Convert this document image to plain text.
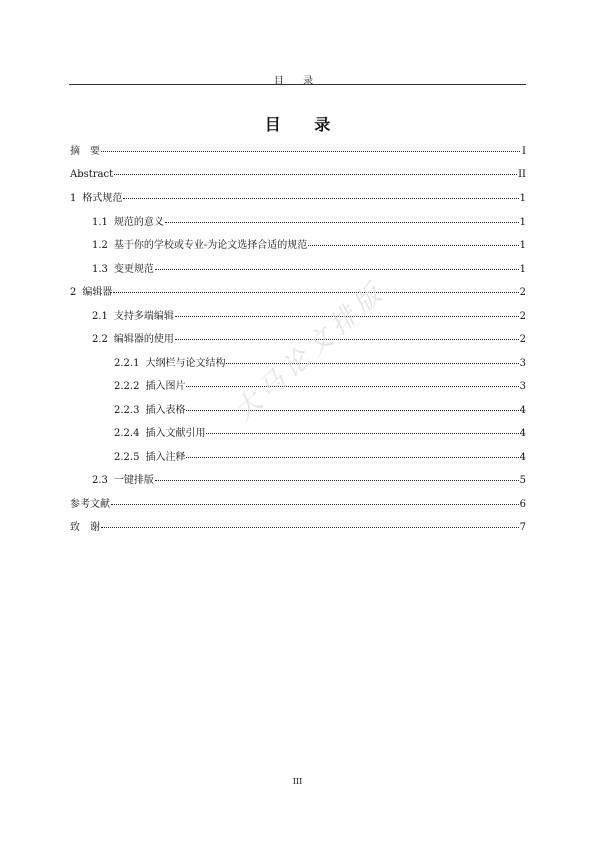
目 录
目 录
摘　要	I
Abstract	II
1 格式规范	1
1.1 规范的意义	1
1.2 基于你的学校或专业-为论文选择合适的规范	1
1.3 变更规范	1
2 编辑器	2
2.1 支持多端编辑	2
2.2 编辑器的使用	2
2.2.1 大纲栏与论文结构	3
2.2.2 插入图片	3
2.2.3 插入表格	4
2.2.4 插入文献引用	4
2.2.5 插入注释	4
2.3 一键排版	5
参考文献	6
致　谢	7
大马论文排版
III
